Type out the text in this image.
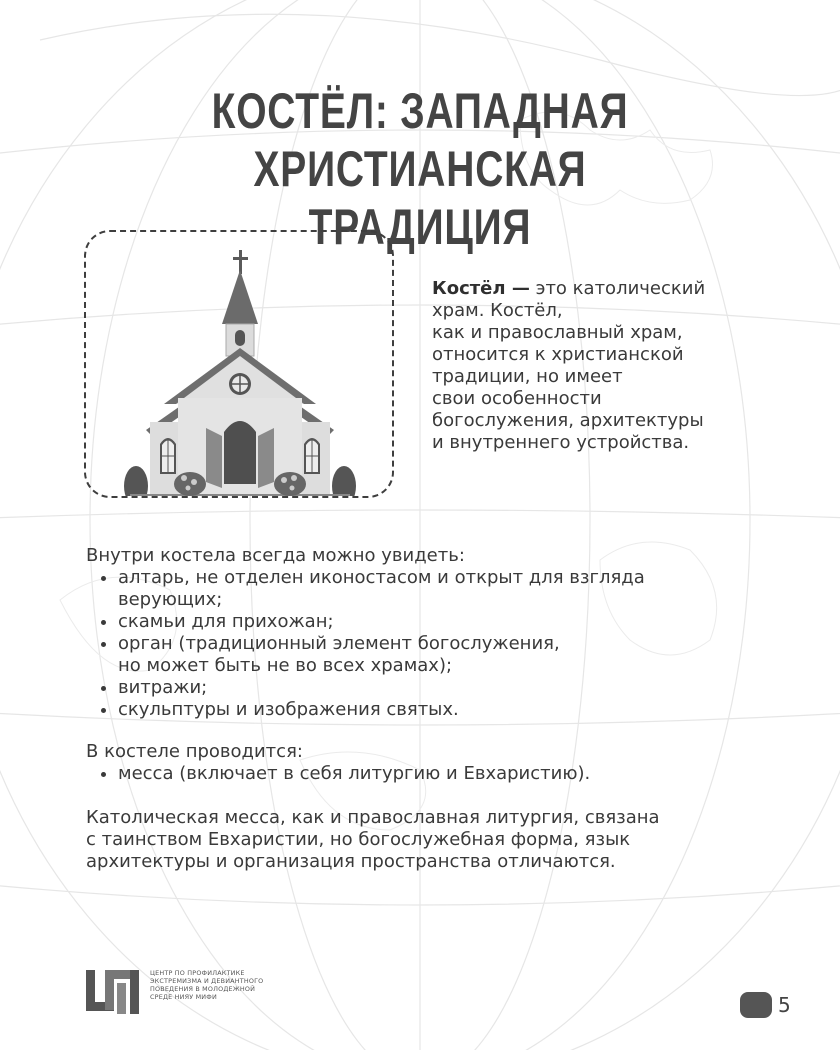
КОСТЁЛ: ЗАПАДНАЯ ХРИСТИАНСКАЯ
ТРАДИЦИЯ
Костёл — это католический
храм. Костёл,
как и православный храм,
относится к христианской
традиции, но имеет
свои особенности
богослужения, архитектуры
и внутреннего устройства.
Внутри костела всегда можно увидеть:
• алтарь, не отделен иконостасом и открыт для взгляда
верующих;
• скамьи для прихожан;
• орган (традиционный элемент богослужения,
но может быть не во всех храмах);
• витражи;
• скульптуры и изображения святых.
В костеле проводится:
• месса (включает в себя литургию и Евхаристию).
Католическая месса, как и православная литургия, связана
с таинством Евхаристии, но богослужебная форма, язык
архитектуры и организация пространства отличаются.
ЦЕНТР ПО ПРОФИЛАКТИКЕ
ЭКСТРЕМИЗМА И ДЕВИАНТНОГО
ПОВЕДЕНИЯ В МОЛОДЕЖНОЙ
СРЕДЕ НИЯУ МИФИ	5
